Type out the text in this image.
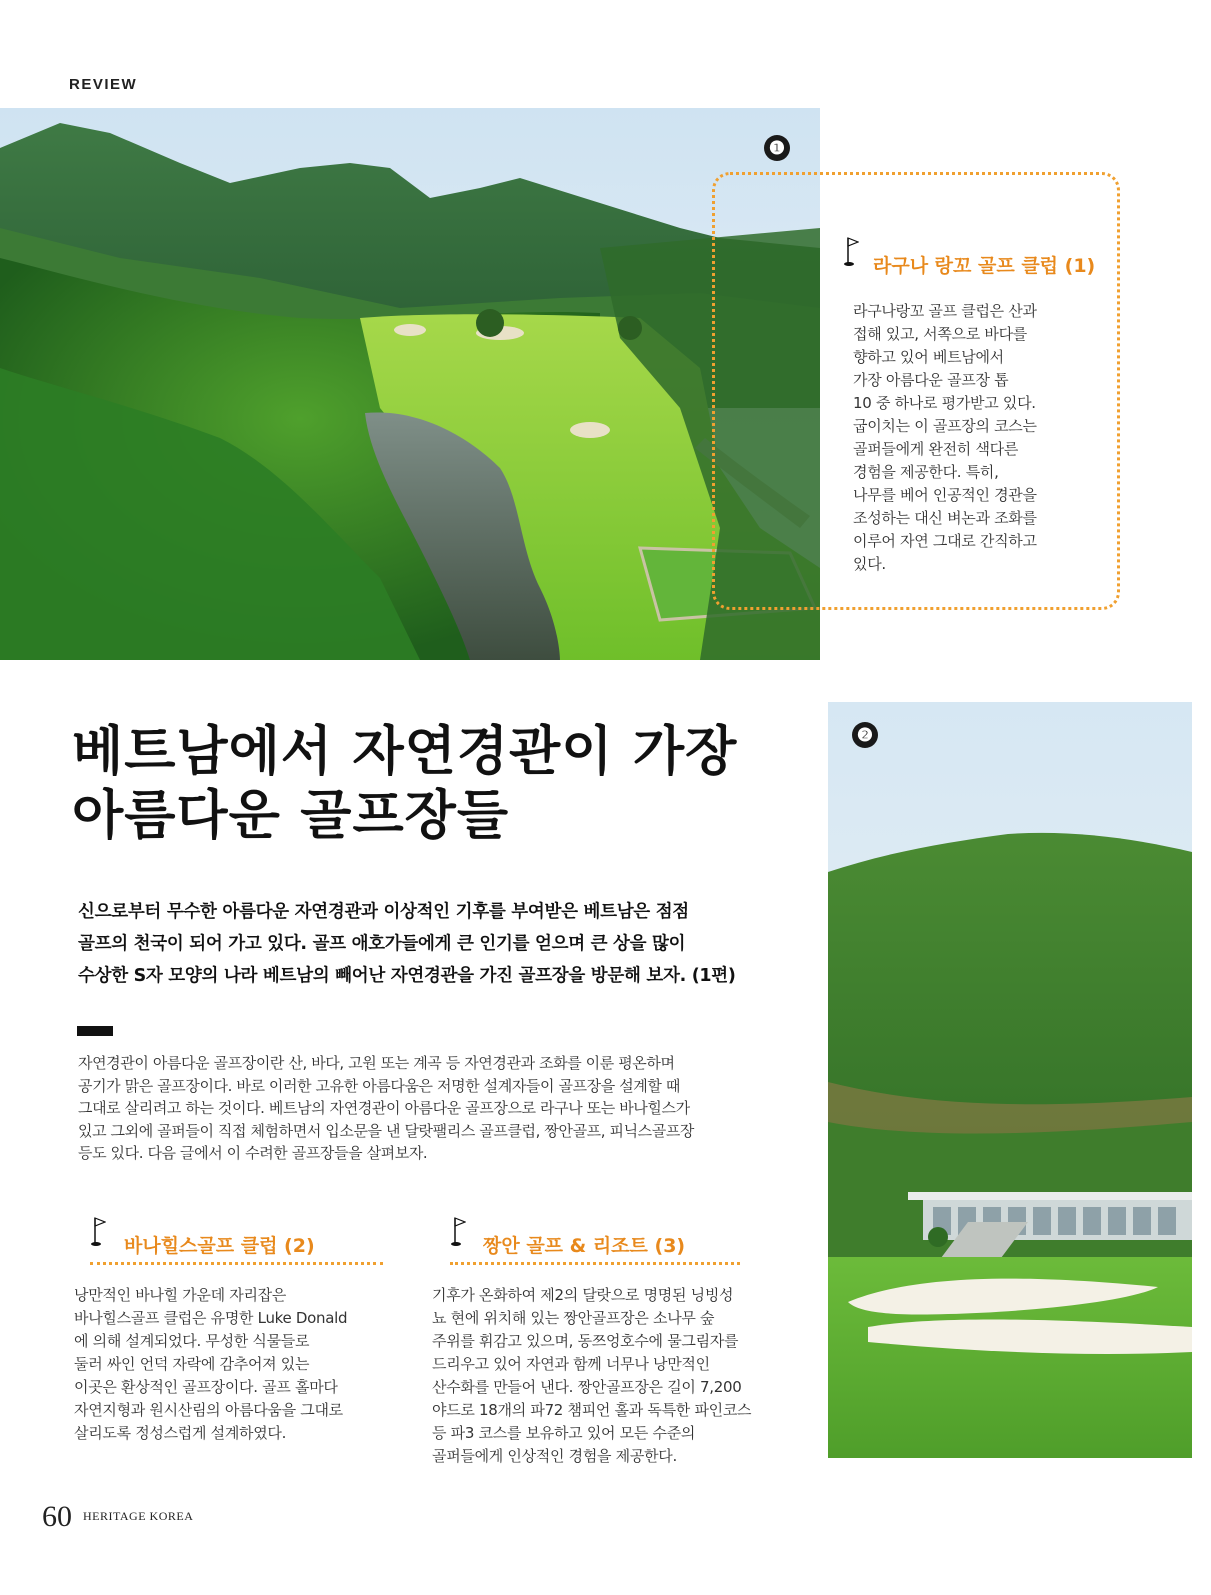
REVIEW
❶
라구나 랑꼬 골프 클럽 (1)
라구나랑꼬 골프 클럽은 산과
접해 있고, 서쪽으로 바다를
향하고 있어 베트남에서
가장 아름다운 골프장 톱
10 중 하나로 평가받고 있다.
굽이치는 이 골프장의 코스는
골퍼들에게 완전히 색다른
경험을 제공한다. 특히,
나무를 베어 인공적인 경관을
조성하는 대신 벼논과 조화를
이루어 자연 그대로 간직하고
있다.
❷
베트남에서 자연경관이 가장
아름다운 골프장들
신으로부터 무수한 아름다운 자연경관과 이상적인 기후를 부여받은 베트남은 점점
골프의 천국이 되어 가고 있다. 골프 애호가들에게 큰 인기를 얻으며 큰 상을 많이
수상한 S자 모양의 나라 베트남의 빼어난 자연경관을 가진 골프장을 방문해 보자. (1편)
자연경관이 아름다운 골프장이란 산, 바다, 고원 또는 계곡 등 자연경관과 조화를 이룬 평온하며
공기가 맑은 골프장이다. 바로 이러한 고유한 아름다움은 저명한 설계자들이 골프장을 설계할 때
그대로 살리려고 하는 것이다. 베트남의 자연경관이 아름다운 골프장으로 라구나 또는 바나힐스가
있고 그외에 골퍼들이 직접 체험하면서 입소문을 낸 달랏팰리스 골프클럽, 짱안골프, 피닉스골프장
등도 있다. 다음 글에서 이 수려한 골프장들을 살펴보자.
바나힐스골프 클럽 (2)
낭만적인 바나힐 가운데 자리잡은
바나힐스골프 클럽은 유명한 Luke Donald
에 의해 설계되었다. 무성한 식물들로
둘러 싸인 언덕 자락에 감추어져 있는
이곳은 환상적인 골프장이다. 골프 홀마다
자연지형과 원시산림의 아름다움을 그대로
살리도록 정성스럽게 설계하였다.
짱안 골프 & 리조트 (3)
기후가 온화하여 제2의 달랏으로 명명된 닝빙성
뇨 현에 위치해 있는 짱안골프장은 소나무 숲
주위를 휘감고 있으며, 동쯔엉호수에 물그림자를
드리우고 있어 자연과 함께 너무나 낭만적인
산수화를 만들어 낸다. 짱안골프장은 길이 7,200
야드로 18개의 파72 챔피언 홀과 독특한 파인코스
등 파3 코스를 보유하고 있어 모든 수준의
골퍼들에게 인상적인 경험을 제공한다.
60 HERITAGE KOREA
